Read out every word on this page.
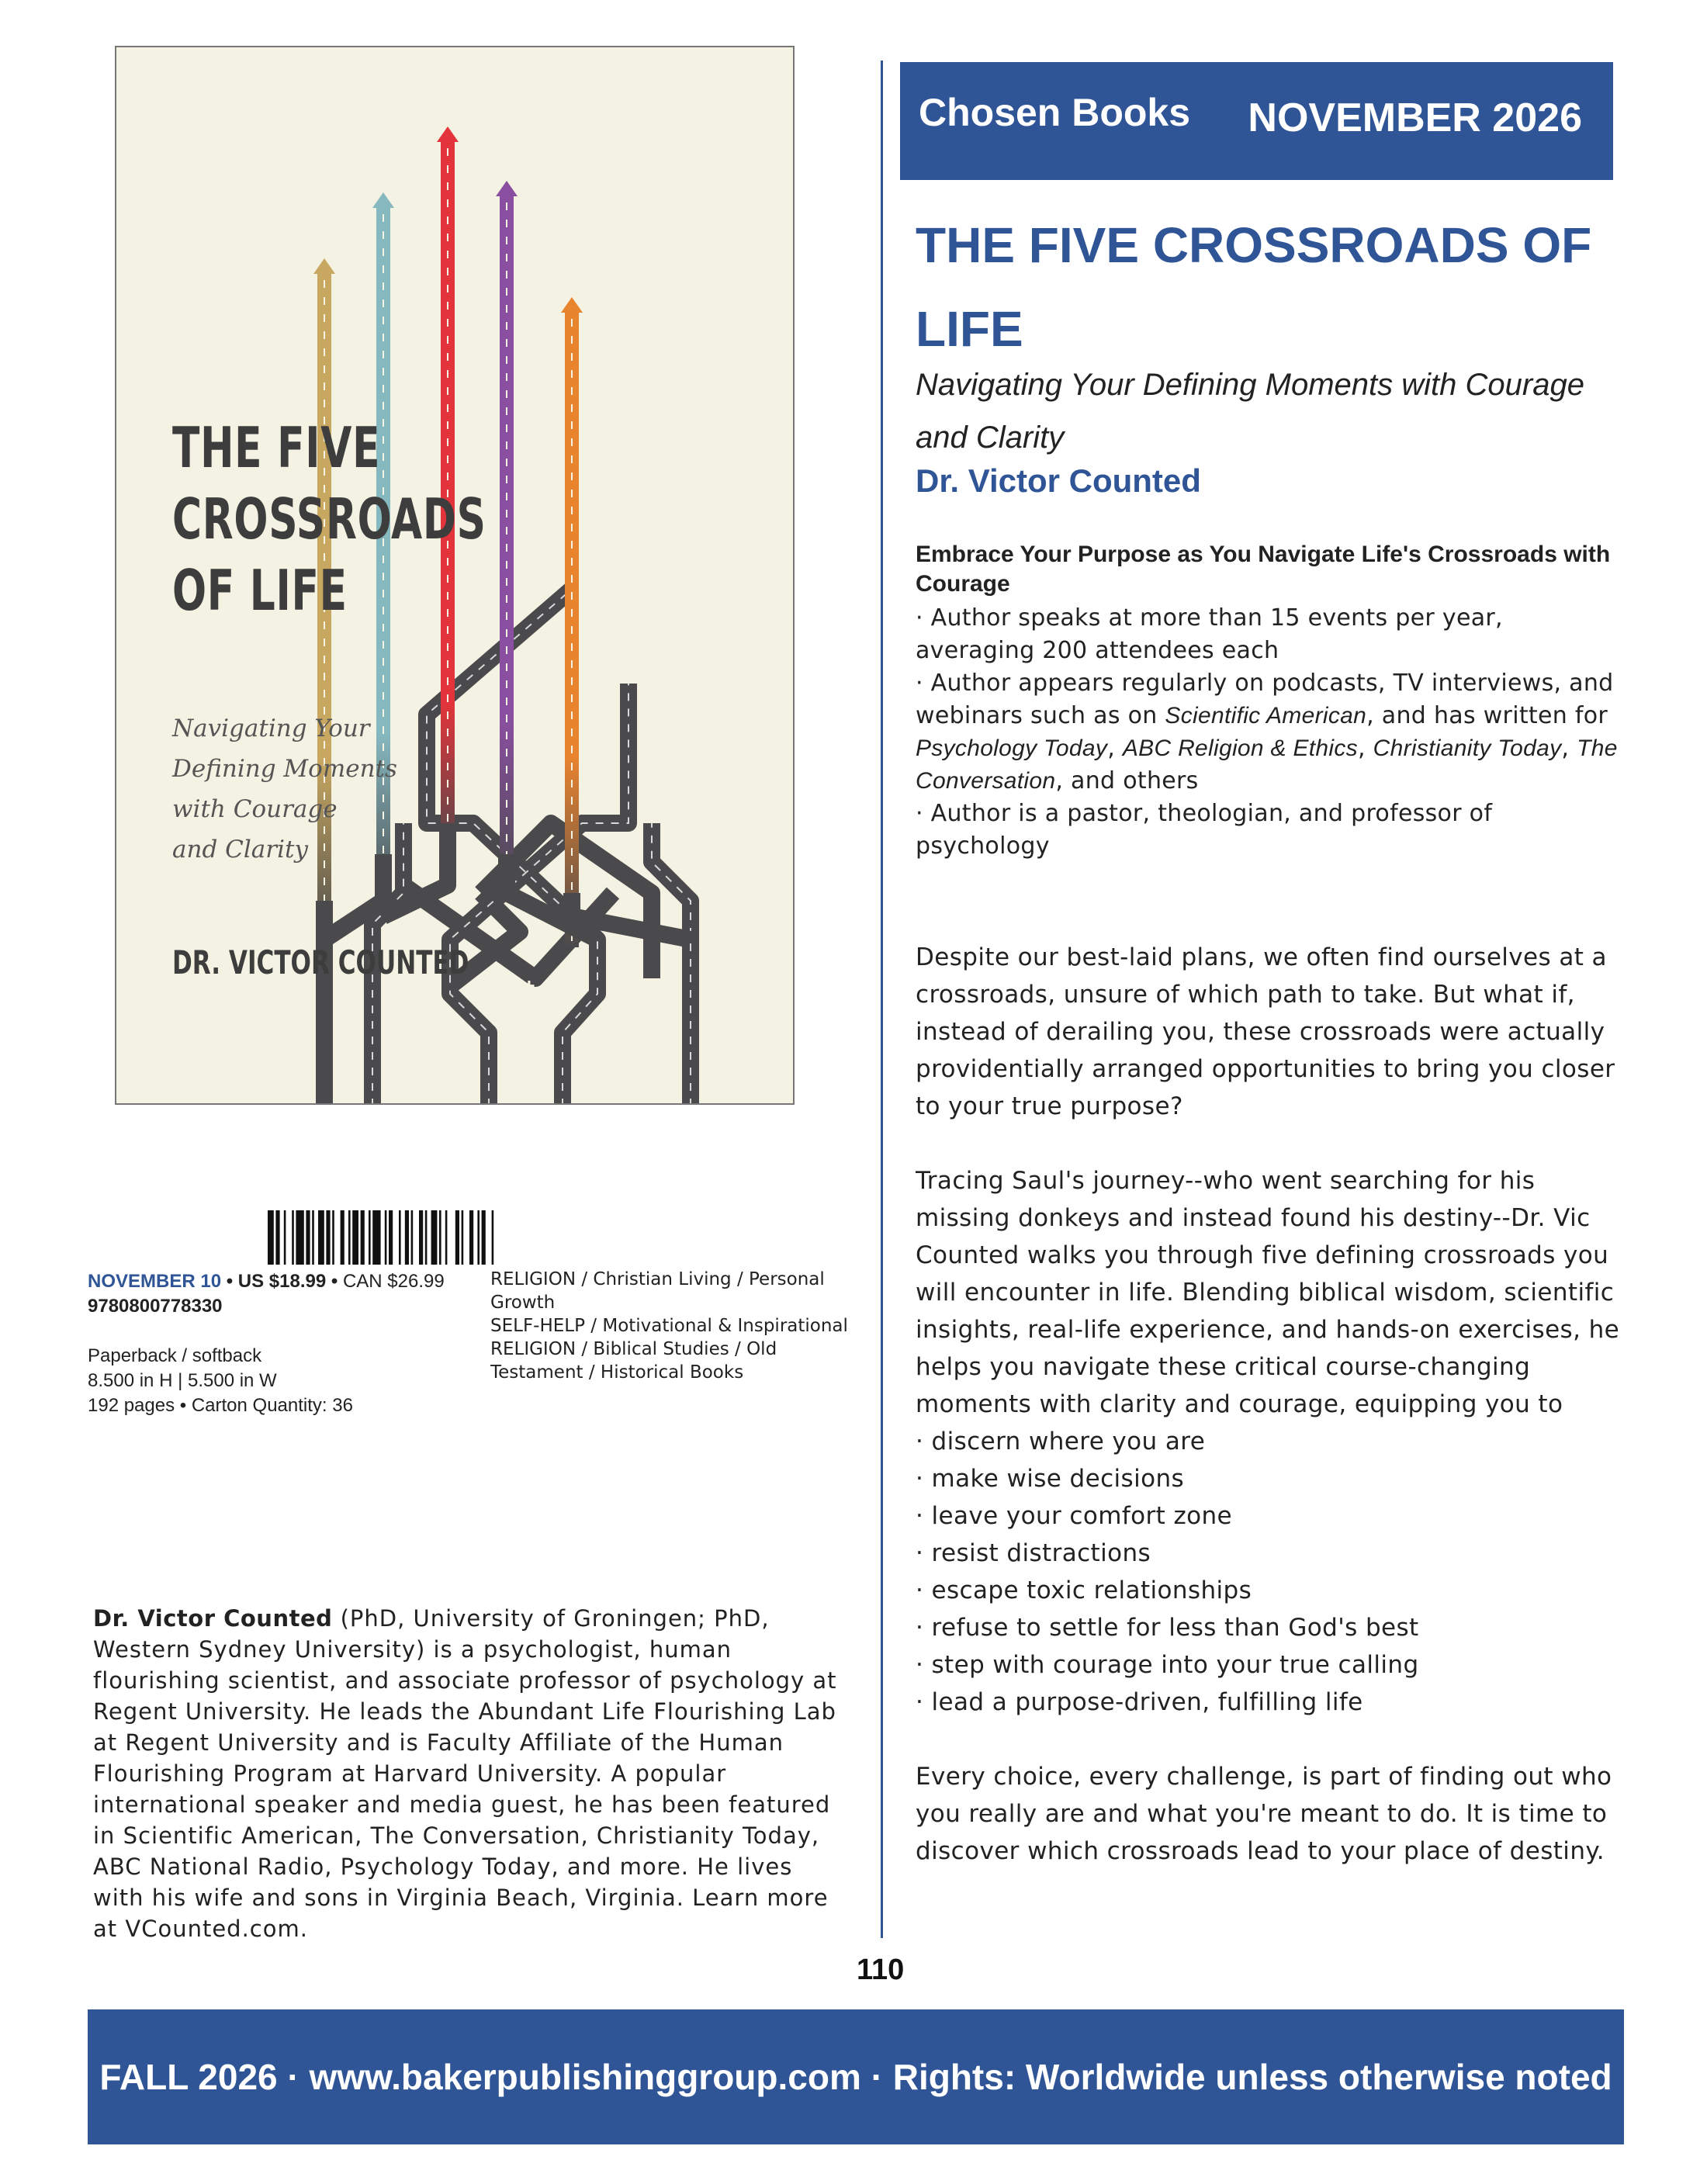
✝
THE FIVE
CROSSROADS
OF LIFE
Navigating Your
Defining Moments
with Courage
and Clarity
DR. VICTOR COUNTED
Chosen Books NOVEMBER 2026
THE FIVE CROSSROADS OF LIFE
Navigating Your Defining Moments with Courage and Clarity
Dr. Victor Counted
Embrace Your Purpose as You Navigate Life's Crossroads with Courage
· Author speaks at more than 15 events per year, averaging 200 attendees each
· Author appears regularly on podcasts, TV interviews, and webinars such as on Scientific American, and has written for Psychology Today, ABC Religion & Ethics, Christianity Today, The Conversation, and others
· Author is a pastor, theologian, and professor of psychology

Despite our best-laid plans, we often find ourselves at a crossroads, unsure of which path to take. But what if, instead of derailing you, these crossroads were actually providentially arranged opportunities to bring you closer to your true purpose?

Tracing Saul's journey--who went searching for his missing donkeys and instead found his destiny--Dr. Vic Counted walks you through five defining crossroads you will encounter in life. Blending biblical wisdom, scientific insights, real-life experience, and hands-on exercises, he helps you navigate these critical course-changing moments with clarity and courage, equipping you to

· discern where you are
· make wise decisions
· leave your comfort zone
· resist distractions
· escape toxic relationships
· refuse to settle for less than God's best
· step with courage into your true calling
· lead a purpose-driven, fulfilling life

Every choice, every challenge, is part of finding out who you really are and what you're meant to do. It is time to discover which crossroads lead to your place of destiny.

NOVEMBER 10 • US $18.99 • CAN $26.99
9780800778330
Paperback / softback
8.500 in H | 5.500 in W
192 pages • Carton Quantity: 36
RELIGION / Christian Living / Personal Growth
SELF-HELP / Motivational & Inspirational
RELIGION / Biblical Studies / Old Testament / Historical Books
Dr. Victor Counted (PhD, University of Groningen; PhD, Western Sydney University) is a psychologist, human flourishing scientist, and associate professor of psychology at Regent University. He leads the Abundant Life Flourishing Lab at Regent University and is Faculty Affiliate of the Human Flourishing Program at Harvard University. A popular international speaker and media guest, he has been featured in Scientific American, The Conversation, Christianity Today, ABC National Radio, Psychology Today, and more. He lives with his wife and sons in Virginia Beach, Virginia. Learn more at VCounted.com.
110
FALL 2026 · www.bakerpublishinggroup.com · Rights: Worldwide unless otherwise noted
